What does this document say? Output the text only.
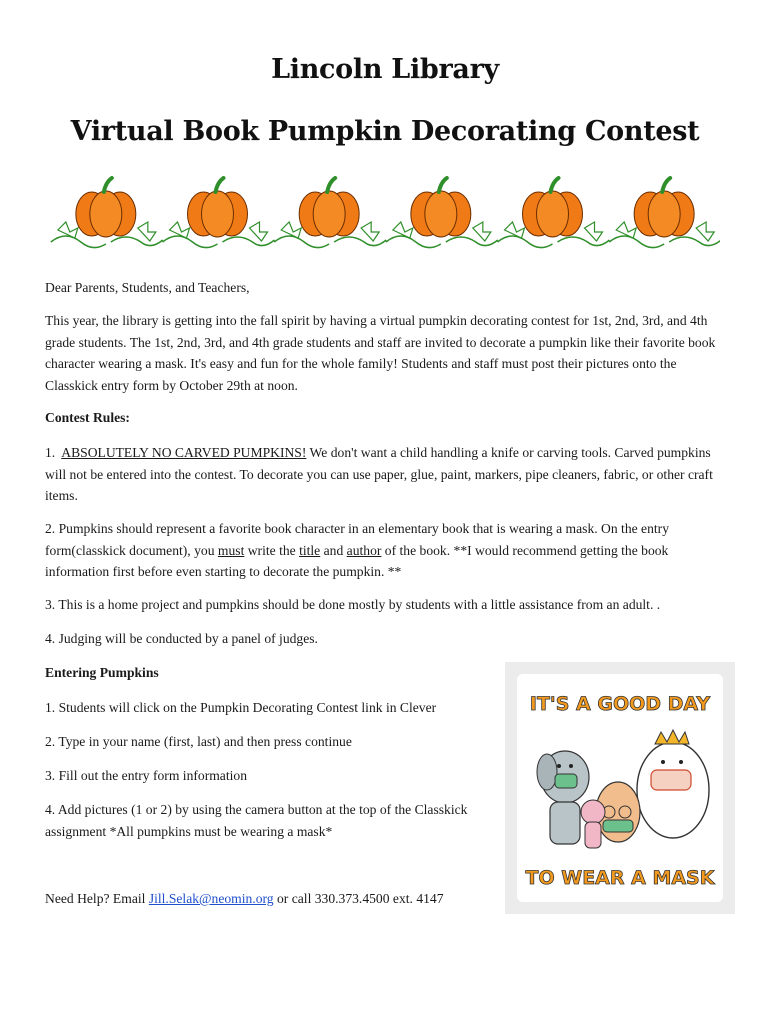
Lincoln Library
Virtual Book Pumpkin Decorating Contest

Dear Parents, Students, and Teachers,

This year, the library is getting into the fall spirit by having a virtual pumpkin decorating contest for 1st, 2nd, 3rd, and 4th grade students. The 1st, 2nd, 3rd, and 4th grade students and staff are invited to decorate a pumpkin like their favorite book character wearing a mask. It's easy and fun for the whole family! Students and staff must post their pictures onto the Classkick entry form by October 29th at noon.

Contest Rules:

1. ABSOLUTELY NO CARVED PUMPKINS! We don't want a child handling a knife or carving tools. Carved pumpkins will not be entered into the contest. To decorate you can use paper, glue, paint, markers, pipe cleaners, fabric, or other craft items.

2. Pumpkins should represent a favorite book character in an elementary book that is wearing a mask. On the entry form(classkick document), you must write the title and author of the book. **I would recommend getting the book information first before even starting to decorate the pumpkin. **

3. This is a home project and pumpkins should be done mostly by students with a little assistance from an adult. .

4. Judging will be conducted by a panel of judges.

Entering Pumpkins

1. Students will click on the Pumpkin Decorating Contest link in Clever

2. Type in your name (first, last) and then press continue

3. Fill out the entry form information

4. Add pictures (1 or 2) by using the camera button at the top of the Classkick assignment *All pumpkins must be wearing a mask*

Need Help? Email Jill.Selak@neomin.org or call 330.373.4500 ext. 4147

IT'S A GOOD DAY
TO WEAR A MASK
